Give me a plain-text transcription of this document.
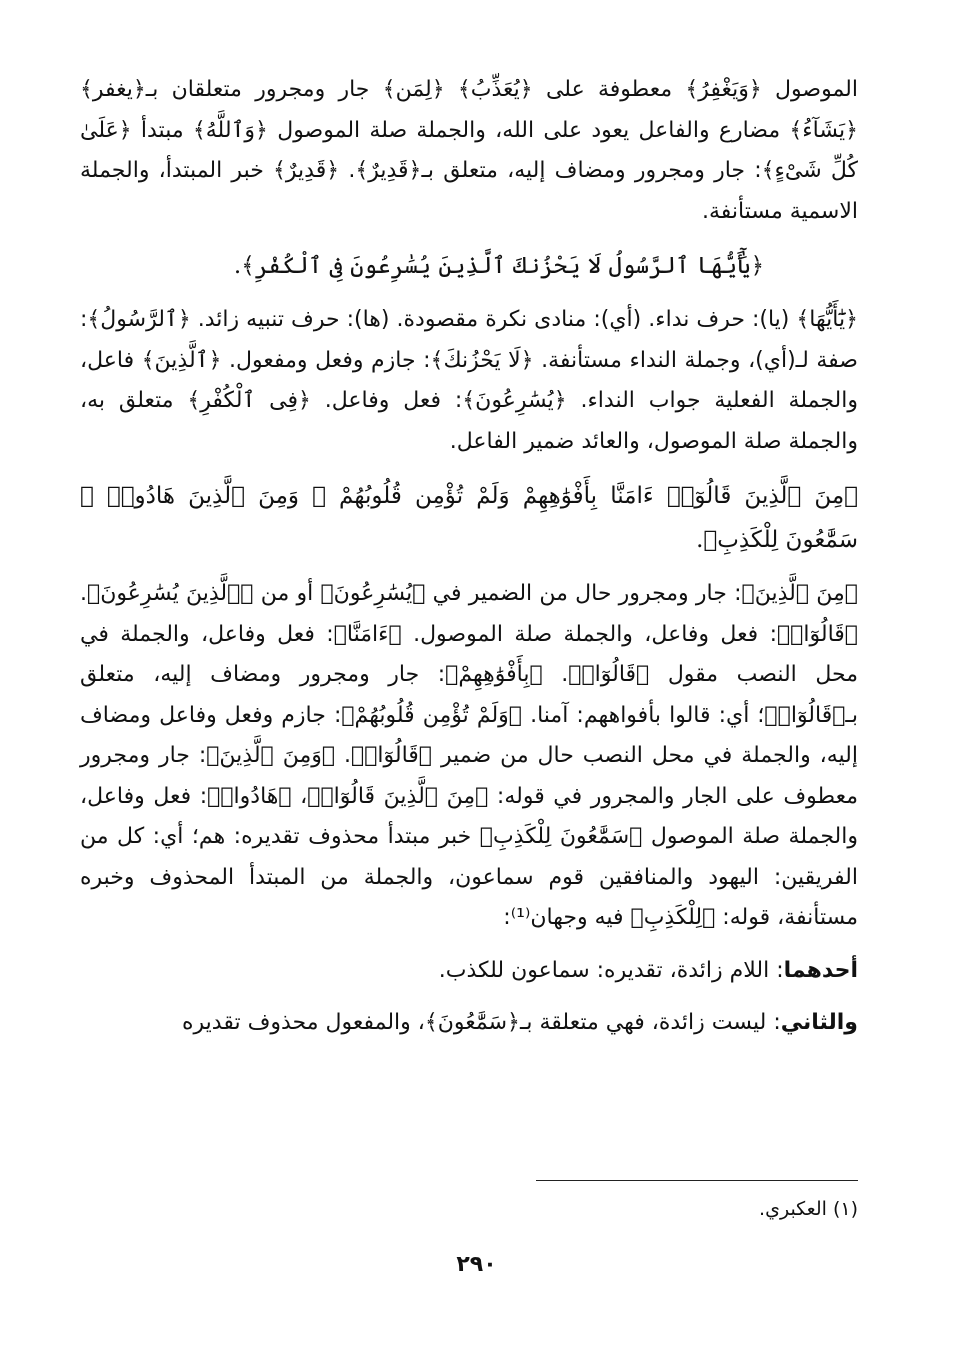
الموصول ﴿وَيَغْفِرُ﴾ معطوفة على ﴿يُعَذِّبُ﴾ ﴿لِمَن﴾ جار ومجرور متعلقان بـ﴿يغفر﴾ ﴿يَشَآءُ﴾ مضارع والفاعل يعود على الله، والجملة صلة الموصول ﴿وَٱللَّهُ﴾ مبتدأ ﴿عَلَىٰ كُلِّ شَىْءٍ﴾: جار ومجرور ومضاف إليه، متعلق بـ﴿قَدِيرٌ﴾. ﴿قَدِيرٌ﴾ خبر المبتدأ، والجملة الاسمية مستأنفة.

﴿يَٰٓأَيُّهَا ٱلرَّسُولُ لَا يَحْزُنكَ ٱلَّذِينَ يُسَٰرِعُونَ فِى ٱلْكُفْرِ﴾.

﴿يَٰٓأَيُّهَا﴾ (يا): حرف نداء. (أي): منادى نكرة مقصودة. (ها): حرف تنبيه زائد. ﴿ٱلرَّسُولُ﴾: صفة لـ(أي)، وجملة النداء مستأنفة. ﴿لَا يَحْزُنكَ﴾: جازم وفعل ومفعول. ﴿ٱلَّذِينَ﴾ فاعل، والجملة الفعلية جواب النداء. ﴿يُسَٰرِعُونَ﴾: فعل وفاعل. ﴿فِى ٱلْكُفْرِ﴾ متعلق به، والجملة صلة الموصول، والعائد ضمير الفاعل.

﴿مِنَ ٱلَّذِينَ قَالُوٓا۟ ءَامَنَّا بِأَفْوَٰهِهِمْ وَلَمْ تُؤْمِن قُلُوبُهُمْ ۛ وَمِنَ ٱلَّذِينَ هَادُوا۟ ۛ سَمَّٰعُونَ لِلْكَذِبِ﴾.

﴿مِنَ ٱلَّذِينَ﴾: جار ومجرور حال من الضمير في ﴿يُسَٰرِعُونَ﴾ أو من ﴿ٱلَّذِينَ يُسَٰرِعُونَ﴾. ﴿قَالُوٓا۟﴾: فعل وفاعل، والجملة صلة الموصول. ﴿ءَامَنَّا﴾: فعل وفاعل، والجملة في محل النصب مقول ﴿قَالُوٓا۟﴾. ﴿بِأَفْوَٰهِهِمْ﴾: جار ومجرور ومضاف إليه، متعلق بـ﴿قَالُوٓا۟﴾؛ أي: قالوا بأفواههم: آمنا. ﴿وَلَمْ تُؤْمِن قُلُوبُهُمْ﴾: جازم وفعل وفاعل ومضاف إليه، والجملة في محل النصب حال من ضمير ﴿قَالُوٓا۟﴾. ﴿وَمِنَ ٱلَّذِينَ﴾: جار ومجرور معطوف على الجار والمجرور في قوله: ﴿مِنَ ٱلَّذِينَ قَالُوٓا۟﴾، ﴿هَادُوا۟﴾: فعل وفاعل، والجملة صلة الموصول ﴿سَمَّٰعُونَ لِلْكَذِبِ﴾ خبر مبتدأ محذوف تقديره: هم؛ أي: كل من الفريقين: اليهود والمنافقين قوم سماعون، والجملة من المبتدأ المحذوف وخبره مستأنفة، قوله: ﴿لِلْكَذِبِ﴾ فيه وجهان⁽¹⁾:

أحدهما: اللام زائدة، تقديره: سماعون للكذب.

والثاني: ليست زائدة، فهي متعلقة بـ﴿سَمَّٰعُونَ﴾، والمفعول محذوف تقديره

(١) العكبري.
٢٩٠
